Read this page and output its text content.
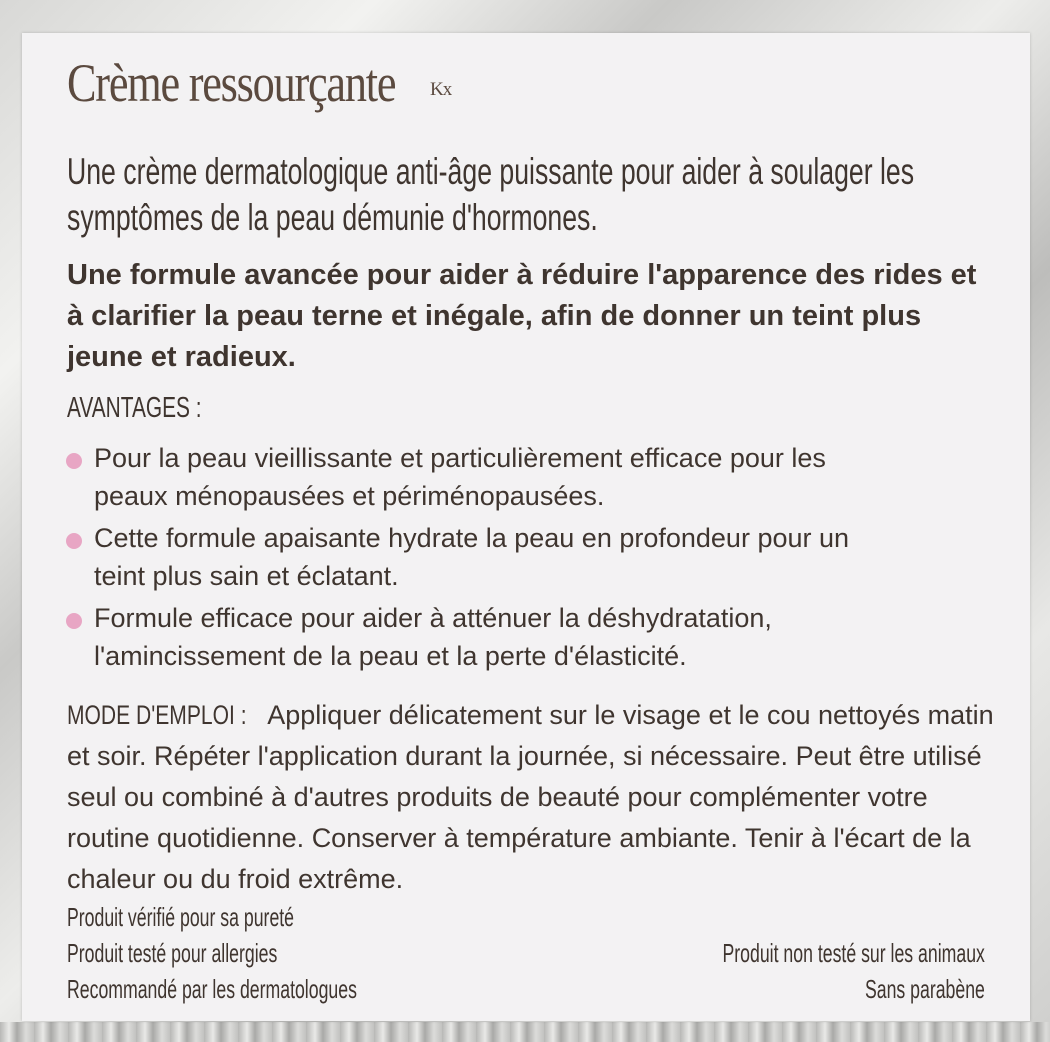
Crème ressourçante	Kx
Une crème dermatologique anti-âge puissante pour aider à soulager les symptômes de la peau démunie d'hormones.
Une formule avancée pour aider à réduire l'apparence des rides et à clarifier la peau terne et inégale, afin de donner un teint plus jeune et radieux.
AVANTAGES :
Pour la peau vieillissante et particulièrement efficace pour les
peaux ménopausées et périménopausées.
Cette formule apaisante hydrate la peau en profondeur pour un
teint plus sain et éclatant.
Formule efficace pour aider à atténuer la déshydratation,
l'amincissement de la peau et la perte d'élasticité.
MODE D'EMPLOI : Appliquer délicatement sur le visage et le cou nettoyés matin et soir. Répéter l'application durant la journée, si nécessaire. Peut être utilisé seul ou combiné à d'autres produits de beauté pour complémenter votre routine quotidienne. Conserver à température ambiante. Tenir à l'écart de la chaleur ou du froid extrême.
Produit vérifié pour sa pureté
Produit testé pour allergies
Recommandé par les dermatologues
Produit non testé sur les animaux
Sans parabène
